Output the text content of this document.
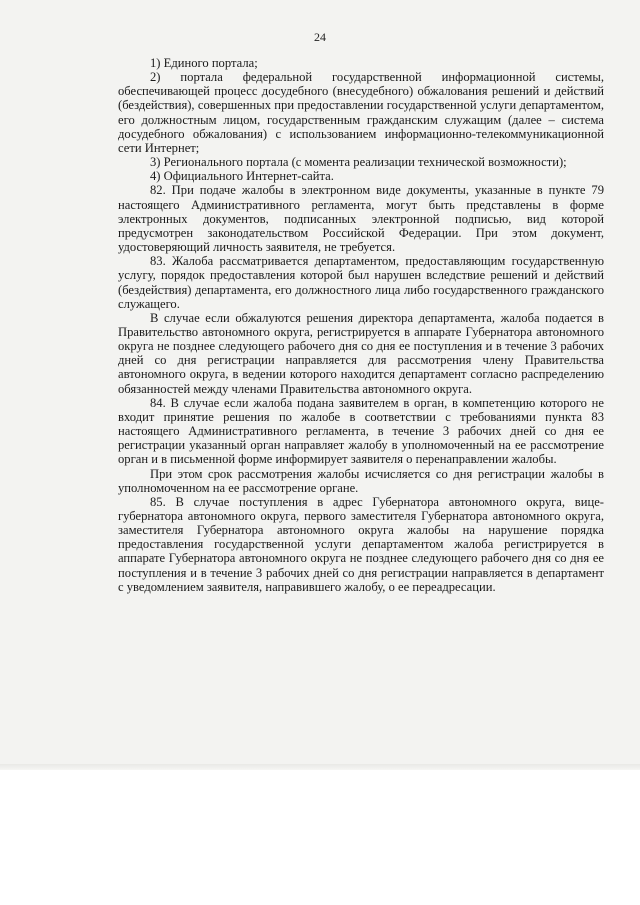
24

1) Единого портала;

2) портала федеральной государственной информационной системы, обеспечивающей процесс досудебного (внесудебного) обжалования решений и действий (бездействия), совершенных при предоставлении государственной услуги департаментом, его должностным лицом, государственным гражданским служащим (далее – система досудебного обжалования) с использованием информационно-телекоммуникационной сети Интернет;

3) Регионального портала (с момента реализации технической возможности);

4) Официального Интернет-сайта.

82. При подаче жалобы в электронном виде документы, указанные в пункте 79 настоящего Административного регламента, могут быть представлены в форме электронных документов, подписанных электронной подписью, вид которой предусмотрен законодательством Российской Федерации. При этом документ, удостоверяющий личность заявителя, не требуется.

83. Жалоба рассматривается департаментом, предоставляющим государственную услугу, порядок предоставления которой был нарушен вследствие решений и действий (бездействия) департамента, его должностного лица либо государственного гражданского служащего.

В случае если обжалуются решения директора департамента, жалоба подается в Правительство автономного округа, регистрируется в аппарате Губернатора автономного округа не позднее следующего рабочего дня со дня ее поступления и в течение 3 рабочих дней со дня регистрации направляется для рассмотрения члену Правительства автономного округа, в ведении которого находится департамент согласно распределению обязанностей между членами Правительства автономного округа.

84. В случае если жалоба подана заявителем в орган, в компетенцию которого не входит принятие решения по жалобе в соответствии с требованиями пункта 83 настоящего Административного регламента, в течение 3 рабочих дней со дня ее регистрации указанный орган направляет жалобу в уполномоченный на ее рассмотрение орган и в письменной форме информирует заявителя о перенаправлении жалобы.

При этом срок рассмотрения жалобы исчисляется со дня регистрации жалобы в уполномоченном на ее рассмотрение органе.

85. В случае поступления в адрес Губернатора автономного округа, вице-губернатора автономного округа, первого заместителя Губернатора автономного округа, заместителя Губернатора автономного округа жалобы на нарушение порядка предоставления государственной услуги департаментом жалоба регистрируется в аппарате Губернатора автономного округа не позднее следующего рабочего дня со дня ее поступления и в течение 3 рабочих дней со дня регистрации направляется в департамент с уведомлением заявителя, направившего жалобу, о ее переадресации.
